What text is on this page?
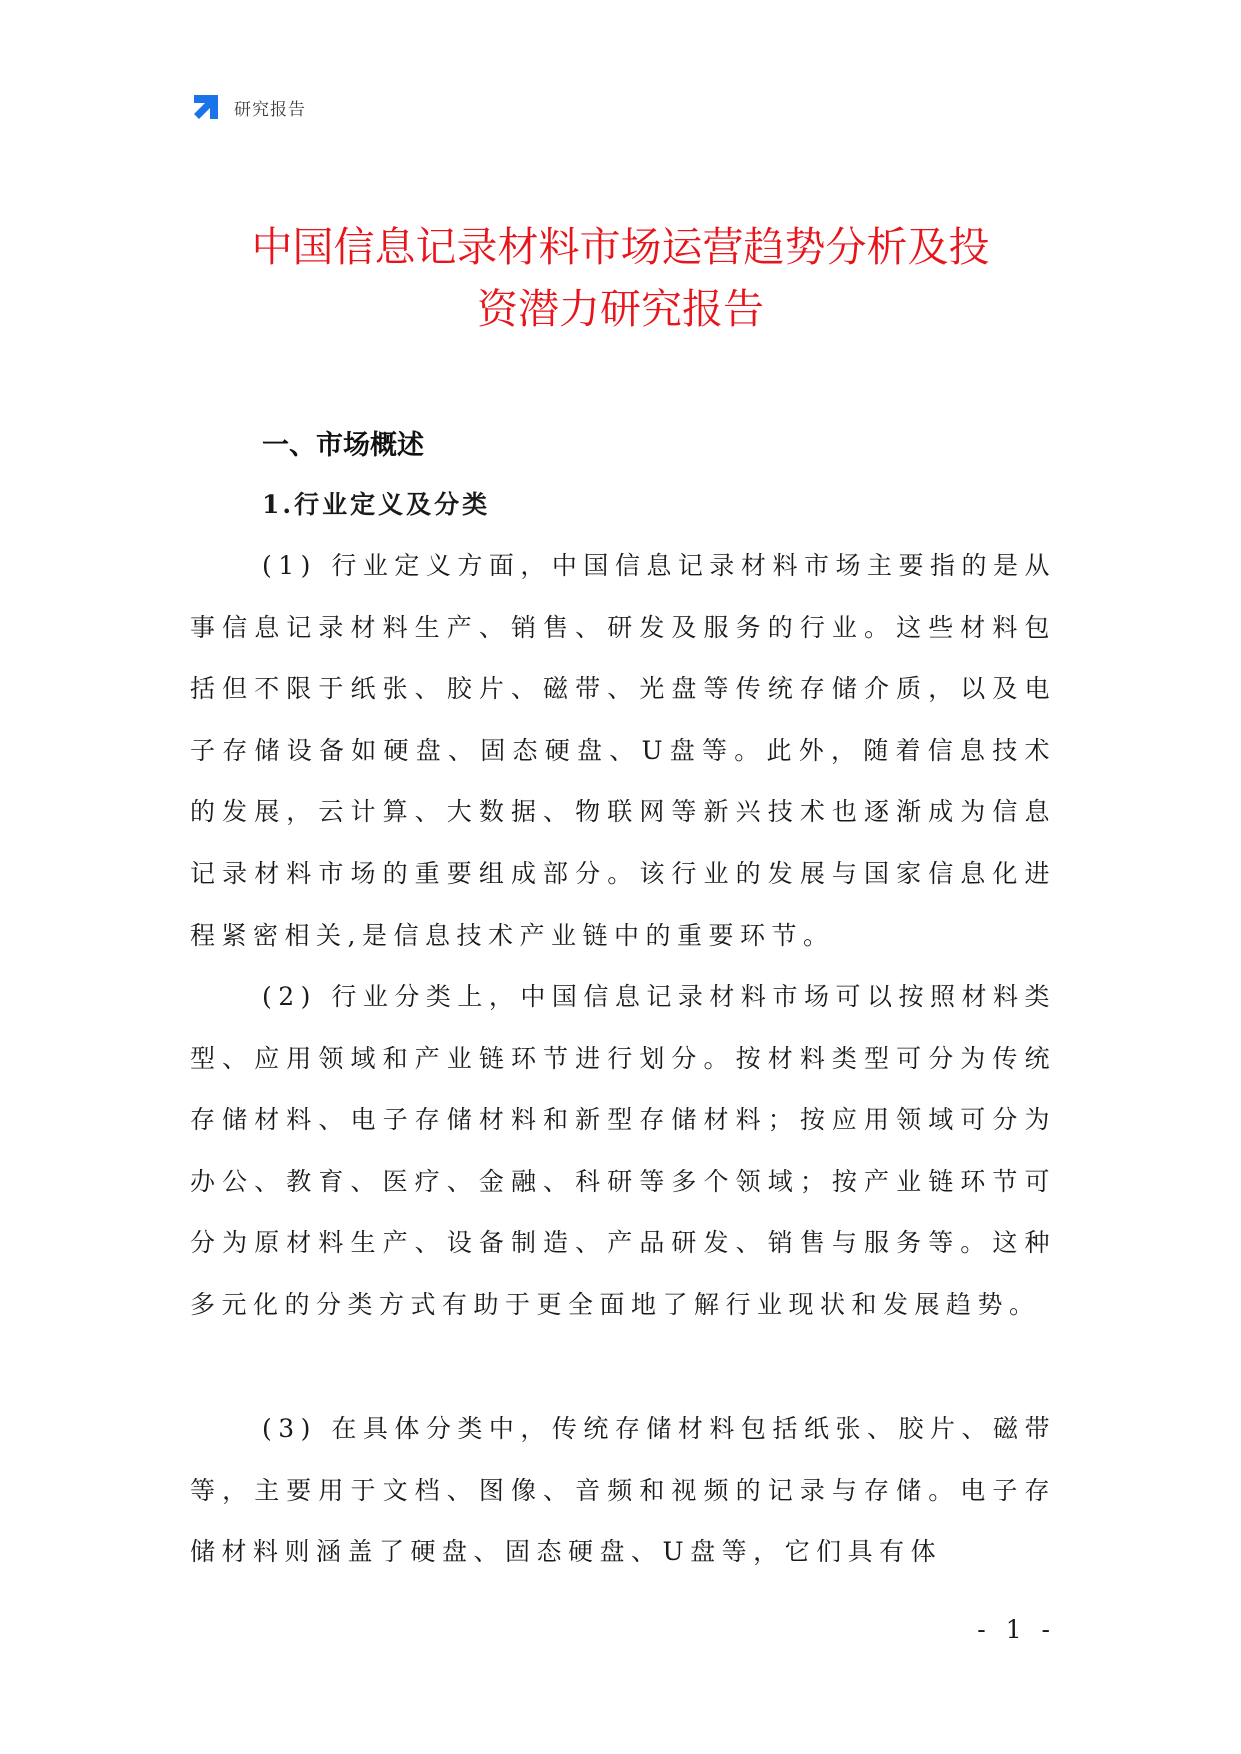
研究报告
中国信息记录材料市场运营趋势分析及投
资潜力研究报告
一、市场概述
1.行业定义及分类

(1) 行业定义方面，中国信息记录材料市场主要指的是从事信息记录材料生产、销售、研发及服务的行业。这些材料包括但不限于纸张、胶片、磁带、光盘等传统存储介质，以及电子存储设备如硬盘、固态硬盘、U盘等。此外，随着信息技术的发展，云计算、大数据、物联网等新兴技术也逐渐成为信息记录材料市场的重要组成部分。该行业的发展与国家信息化进程紧密相关,是信息技术产业链中的重要环节。

(2) 行业分类上，中国信息记录材料市场可以按照材料类型、应用领域和产业链环节进行划分。按材料类型可分为传统存储材料、电子存储材料和新型存储材料；按应用领域可分为办公、教育、医疗、金融、科研等多个领域；按产业链环节可分为原材料生产、设备制造、产品研发、销售与服务等。这种多元化的分类方式有助于更全面地了解行业现状和发展趋势。

(3) 在具体分类中，传统存储材料包括纸张、胶片、磁带等，主要用于文档、图像、音频和视频的记录与存储。电子存储材料则涵盖了硬盘、固态硬盘、U盘等，它们具有体

- 1 -
